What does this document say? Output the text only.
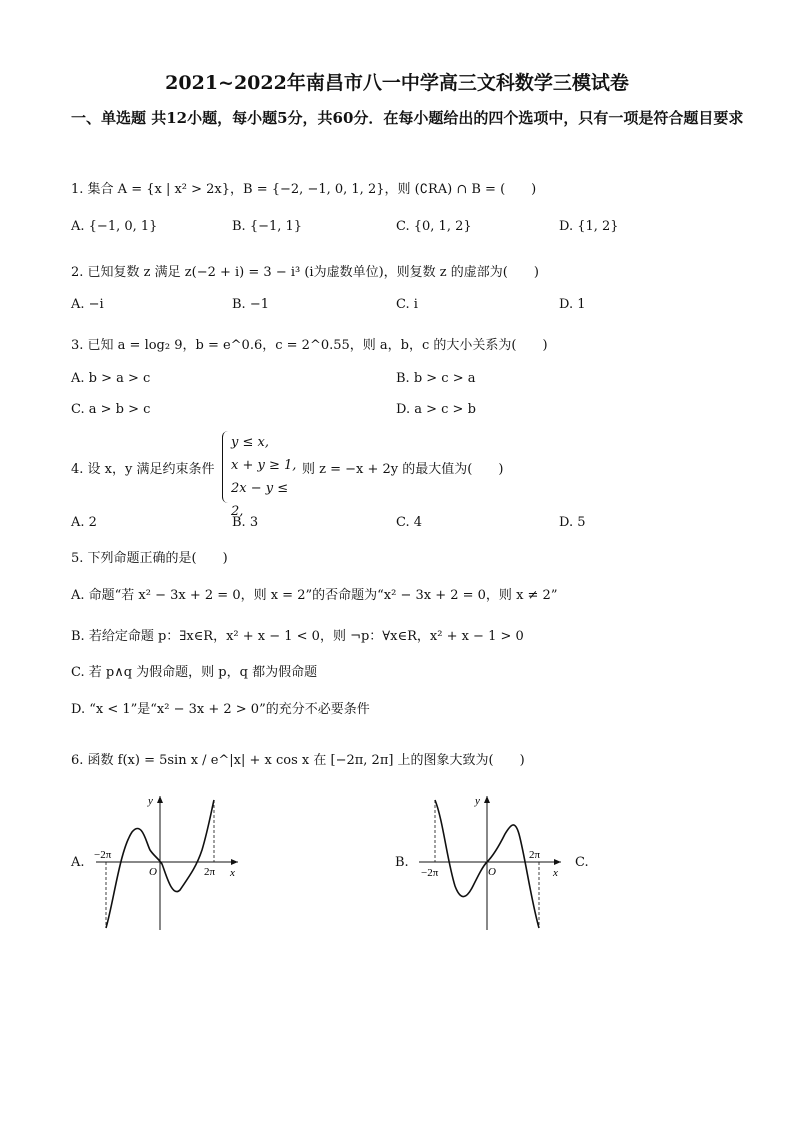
2021~2022年南昌市八一中学高三文科数学三模试卷
一、单选题 共12小题，每小题5分，共60分．在每小题给出的四个选项中，只有一项是符合题目要求
1. 集合 A = {x | x² > 2x}，B = {−2, −1, 0, 1, 2}，则 (∁RA) ∩ B = (　　)
A. {−1, 0, 1}	B. {−1, 1}	C. {0, 1, 2}	D. {1, 2}
2. 已知复数 z 满足 z(−2 + i) = 3 − i³ (i为虚数单位)，则复数 z 的虚部为(　　)
A. −i	B. −1	C. i	D. 1
3. 已知 a = log₂ 9，b = e^0.6，c = 2^0.55，则 a，b，c 的大小关系为(　　)
A. b > a > c	B. b > c > a
C. a > b > c	D. a > c > b
4. 设 x，y 满足约束条件
y ≤ x,
x + y ≥ 1,
2x − y ≤ 2,
则 z = −x + 2y 的最大值为(　　)
A. 2	B. 3	C. 4	D. 5
5. 下列命题正确的是(　　)
A. 命题“若 x² − 3x + 2 = 0，则 x = 2”的否命题为“x² − 3x + 2 = 0，则 x ≠ 2”
B. 若给定命题 p：∃x∈R，x² + x − 1 < 0，则 ¬p：∀x∈R，x² + x − 1 > 0
C. 若 p∧q 为假命题，则 p，q 都为假命题
D. “x < 1”是“x² − 3x + 2 > 0”的充分不必要条件
6. 函数 f(x) = 5sin x / e^|x| + x cos x 在 [−2π, 2π] 上的图象大致为(　　)
A.
y
x
O
−2π
2π
B.
y
x
O
−2π
2π	C.
